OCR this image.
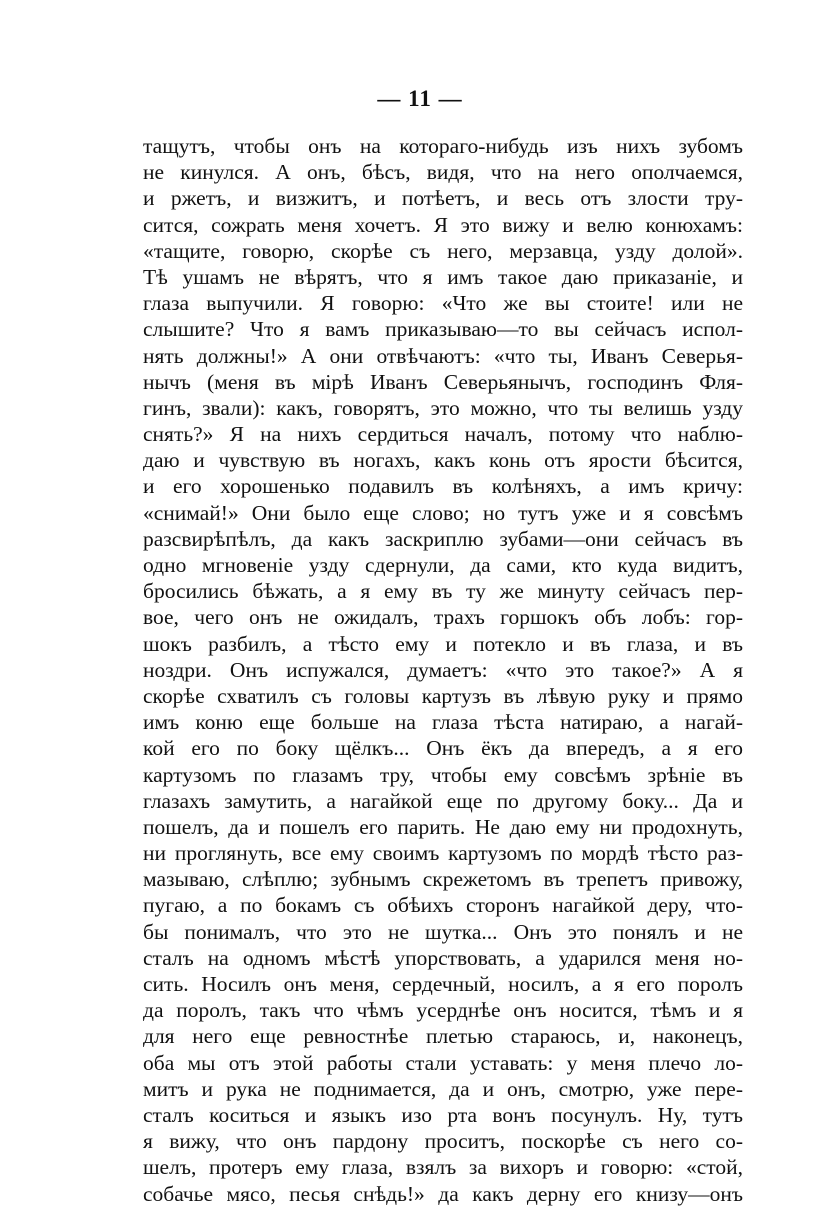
— 11 —
тащутъ, чтобы онъ на котораго-нибудь изъ нихъ зубомъ
не кинулся. А онъ, бѣсъ, видя, что на него ополчаемся,
и ржетъ, и визжитъ, и потѣетъ, и весь отъ злости тру-
сится, сожрать меня хочетъ. Я это вижу и велю конюхамъ:
«тащите, говорю, скорѣе съ него, мерзавца, узду долой».
Тѣ ушамъ не вѣрятъ, что я имъ такое даю приказаніе, и
глаза выпучили. Я говорю: «Что же вы стоите! или не
слышите? Что я вамъ приказываю—то вы сейчасъ испол-
нять должны!» А они отвѣчаютъ: «что ты, Иванъ Северья-
нычъ (меня въ мірѣ Иванъ Северьянычъ, господинъ Фля-
гинъ, звали): какъ, говорятъ, это можно, что ты велишь узду
снять?» Я на нихъ сердиться началъ, потому что наблю-
даю и чувствую въ ногахъ, какъ конь отъ ярости бѣсится,
и его хорошенько подавилъ въ колѣняхъ, а имъ кричу:
«снимай!» Они было еще слово; но тутъ уже и я совсѣмъ
разсвирѣпѣлъ, да какъ заскриплю зубами—они сейчасъ въ
одно мгновеніе узду сдернули, да сами, кто куда видитъ,
бросились бѣжать, а я ему въ ту же минуту сейчасъ пер-
вое, чего онъ не ожидалъ, трахъ горшокъ объ лобъ: гор-
шокъ разбилъ, а тѣсто ему и потекло и въ глаза, и въ
ноздри. Онъ испужался, думаетъ: «что это такое?» А я
скорѣе схватилъ съ головы картузъ въ лѣвую руку и прямо
имъ коню еще больше на глаза тѣста натираю, а нагай-
кой его по боку щёлкъ... Онъ ёкъ да впередъ, а я его
картузомъ по глазамъ тру, чтобы ему совсѣмъ зрѣніе въ
глазахъ замутить, а нагайкой еще по другому боку... Да и
пошелъ, да и пошелъ его парить. Не даю ему ни продохнуть,
ни проглянуть, все ему своимъ картузомъ по мордѣ тѣсто раз-
мазываю, слѣплю; зубнымъ скрежетомъ въ трепетъ привожу,
пугаю, а по бокамъ съ обѣихъ сторонъ нагайкой деру, что-
бы понималъ, что это не шутка... Онъ это понялъ и не
сталъ на одномъ мѣстѣ упорствовать, а ударился меня но-
сить. Носилъ онъ меня, сердечный, носилъ, а я его поролъ
да поролъ, такъ что чѣмъ усерднѣе онъ носится, тѣмъ и я
для него еще ревностнѣе плетью стараюсь, и, наконецъ,
оба мы отъ этой работы стали уставать: у меня плечо ло-
митъ и рука не поднимается, да и онъ, смотрю, уже пере-
сталъ коситься и языкъ изо рта вонъ посунулъ. Ну, тутъ
я вижу, что онъ пардону проситъ, поскорѣе съ него со-
шелъ, протеръ ему глаза, взялъ за вихоръ и говорю: «стой,
собачье мясо, песья снѣдь!» да какъ дерну его книзу—онъ
